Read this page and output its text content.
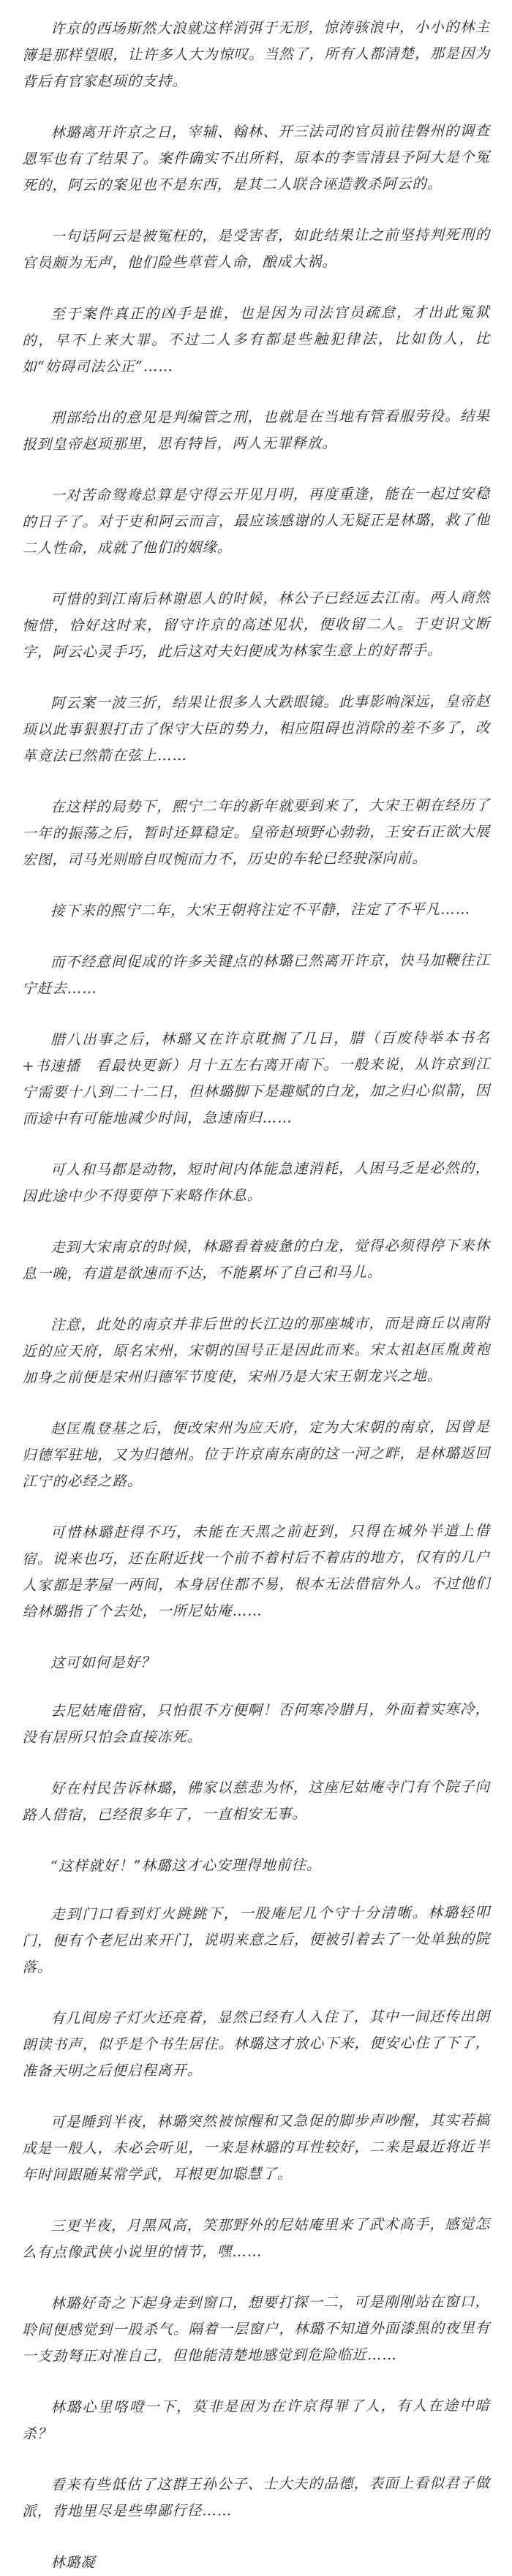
许京的西场斯然大浪就这样消弭于无形，惊涛骇浪中，小小的林主簿是那样望眼，让许多人大为惊叹。当然了，所有人都清楚，那是因为背后有官家赵顼的支持。

林璐离开许京之日，宰辅、翰林、开三法司的官员前往磐州的调查恩军也有了结果了。案件确实不出所料，原本的李雪清县予阿大是个冤死的，阿云的案见也不是东西，是其二人联合诬造教杀阿云的。

一句话阿云是被冤枉的，是受害者，如此结果让之前坚持判死刑的官员颇为无声，他们险些草菅人命，酿成大祸。

至于案件真正的凶手是谁，也是因为司法官员疏怠，才出此冤狱的，早不上来大罪。不过二人多有都是些触犯律法，比如伪人，比如“妨碍司法公正”……

刑部给出的意见是判编管之刑，也就是在当地有管看服劳役。结果报到皇帝赵顼那里，思有特旨，两人无罪释放。

一对苦命鸳鸯总算是守得云开见月明，再度重逢，能在一起过安稳的日子了。对于吏和阿云而言，最应该感谢的人无疑正是林璐，救了他二人性命，成就了他们的姻缘。

可惜的到江南后林谢恩人的时候，林公子已经远去江南。两人商然惋惜，恰好这时来，留守许京的高述见状，便收留二人。于吏识文断字，阿云心灵手巧，此后这对夫妇便成为林家生意上的好帮手。

阿云案一波三折，结果让很多人大跌眼镜。此事影响深远，皇帝赵顼以此事狠狠打击了保守大臣的势力，相应阻碍也消除的差不多了，改革竟法已然箭在弦上……

在这样的局势下，熙宁二年的新年就要到来了，大宋王朝在经历了一年的振荡之后，暂时还算稳定。皇帝赵顼野心勃勃，王安石正欲大展宏图，司马光则暗自叹惋而力不，历史的车轮已经驶深向前。

接下来的熙宁二年，大宋王朝将注定不平静，注定了不平凡……

而不经意间促成的许多关键点的林璐已然离开许京，快马加鞭往江宁赶去……

腊八出事之后，林璐又在许京耽搁了几日，腊（百废待举本书名+书速播　看最快更新）月十五左右离开南下。一般来说，从许京到江宁需要十八到二十二日，但林璐脚下是趣赋的白龙，加之归心似箭，因而途中有可能地减少时间，急速南归……

可人和马都是动物，短时间内体能急速消耗，人困马乏是必然的，因此途中少不得要停下来略作休息。

走到大宋南京的时候，林璐看着疲惫的白龙，觉得必须得停下来休息一晚，有道是欲速而不达，不能累坏了自己和马儿。

注意，此处的南京并非后世的长江边的那座城市，而是商丘以南附近的应天府，原名宋州，宋朝的国号正是因此而来。宋太祖赵匡胤黄袍加身之前便是宋州归德军节度使，宋州乃是大宋王朝龙兴之地。

赵匡胤登基之后，便改宋州为应天府，定为大宋朝的南京，因曾是归德军驻地，又为归德州。位于许京南东南的这一河之畔，是林璐返回江宁的必经之路。

可惜林璐赶得不巧，未能在天黑之前赶到，只得在城外半道上借宿。说来也巧，还在附近找一个前不着村后不着店的地方，仅有的几户人家都是茅屋一两间，本身居住都不易，根本无法借宿外人。不过他们给林璐指了个去处，一所尼姑庵……

这可如何是好？

去尼姑庵借宿，只怕很不方便啊！否何寒冷腊月，外面着实寒冷，没有居所只怕会直接冻死。

好在村民告诉林璐，佛家以慈悲为怀，这座尼姑庵寺门有个院子向路人借宿，已经很多年了，一直相安无事。

“这样就好！”林璐这才心安理得地前往。

走到门口看到灯火跳跳下，一股庵尼几个守十分清晰。林璐轻叩门，便有个老尼出来开门，说明来意之后，便被引着去了一处单独的院落。

有几间房子灯火还亮着，显然已经有人入住了，其中一间还传出朗朗读书声，似乎是个书生居住。林璐这才放心下来，便安心住了下了，准备天明之后便启程离开。

可是睡到半夜，林璐突然被惊醒和又急促的脚步声吵醒，其实若搞成是一般人，未必会听见，一来是林璐的耳性较好，二来是最近将近半年时间跟随某常学武，耳根更加聪慧了。

三更半夜，月黑风高，笑那野外的尼姑庵里来了武术高手，感觉怎么有点像武侠小说里的情节，嘿……

林璐好奇之下起身走到窗口，想要打探一二，可是刚刚站在窗口，聆间便感觉到一股杀气。隔着一层窗户，林璐不知道外面漆黑的夜里有一支劲弩正对准自己，但他能清楚地感觉到危险临近……

林璐心里咯噔一下，莫非是因为在许京得罪了人，有人在途中暗杀？

看来有些低估了这群王孙公子、士大夫的品德，表面上看似君子做派，背地里尽是些卑鄙行径……

林璐凝
